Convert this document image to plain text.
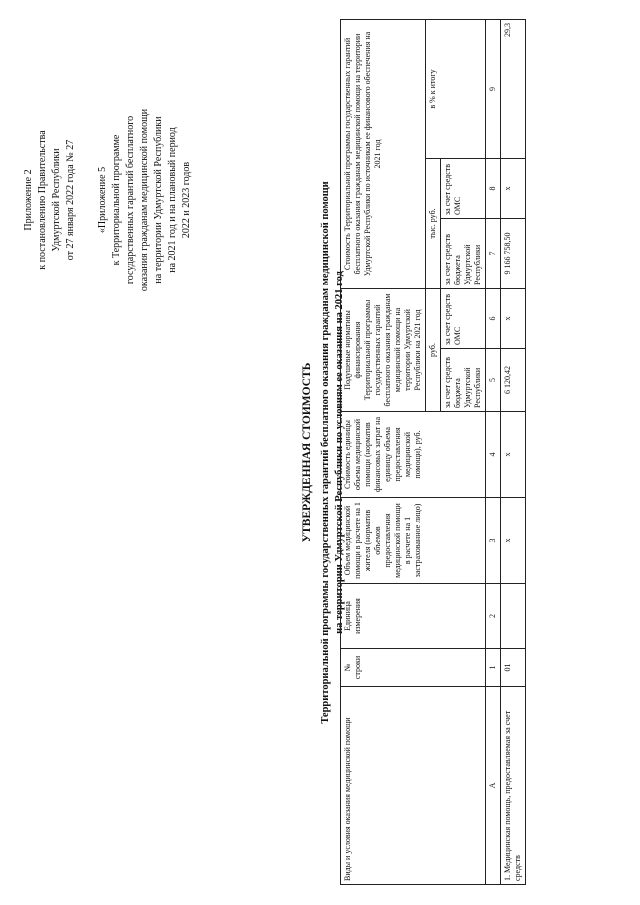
Приложение 2 к постановлению Правительства Удмуртской Республики от 27 января 2022 года № 27 «Приложение 5 к Территориальной программе государственных гарантий бесплатного оказания гражданам медицинской помощи на территории Удмуртской Республики на 2021 год и на плановый период 2022 и 2023 годов
УТВЕРЖДЕННАЯ СТОИМОСТЬ Территориальной программы государственных гарантий бесплатного оказания гражданам медицинской помощи на территории Удмуртской Республики по условиям ее оказания на 2021 год
Виды и условия оказания медицинской помощи	№ строки	Единица измерения	Объем медицинской помощи в расчете на 1 жителя (норматив объемов предоставления медицинской помощи в расчете на 1 застрахованное лицо)	Стоимость единицы объема медицинской помощи (норматив финансовых затрат на единицу объема предоставления медицинской помощи), руб.	Подушевые нормативы финансирования Территориальной программы государственных гарантий бесплатного оказания гражданам медицинской помощи на территории Удмуртской Республики на 2021 год		Стоимость Территориальной программы государственных гарантий бесплатного оказания гражданам медицинской помощи на территории Удмуртской Республики по источникам ее финансового обеспечения на 2021 год		
					руб.		тыс. руб.		в % к итогу
					за счет средств бюджета Удмуртской Республики	за счет средств ОМС	за счет средств бюджета Удмуртской Республики	за счет средств ОМС	
А	1	2	3	4	5	6	7	8	9
1. Медицинская помощь, предоставляемая за счет средств	01		х	х	6 120,42	х	9 166 758,50	х	29,3
